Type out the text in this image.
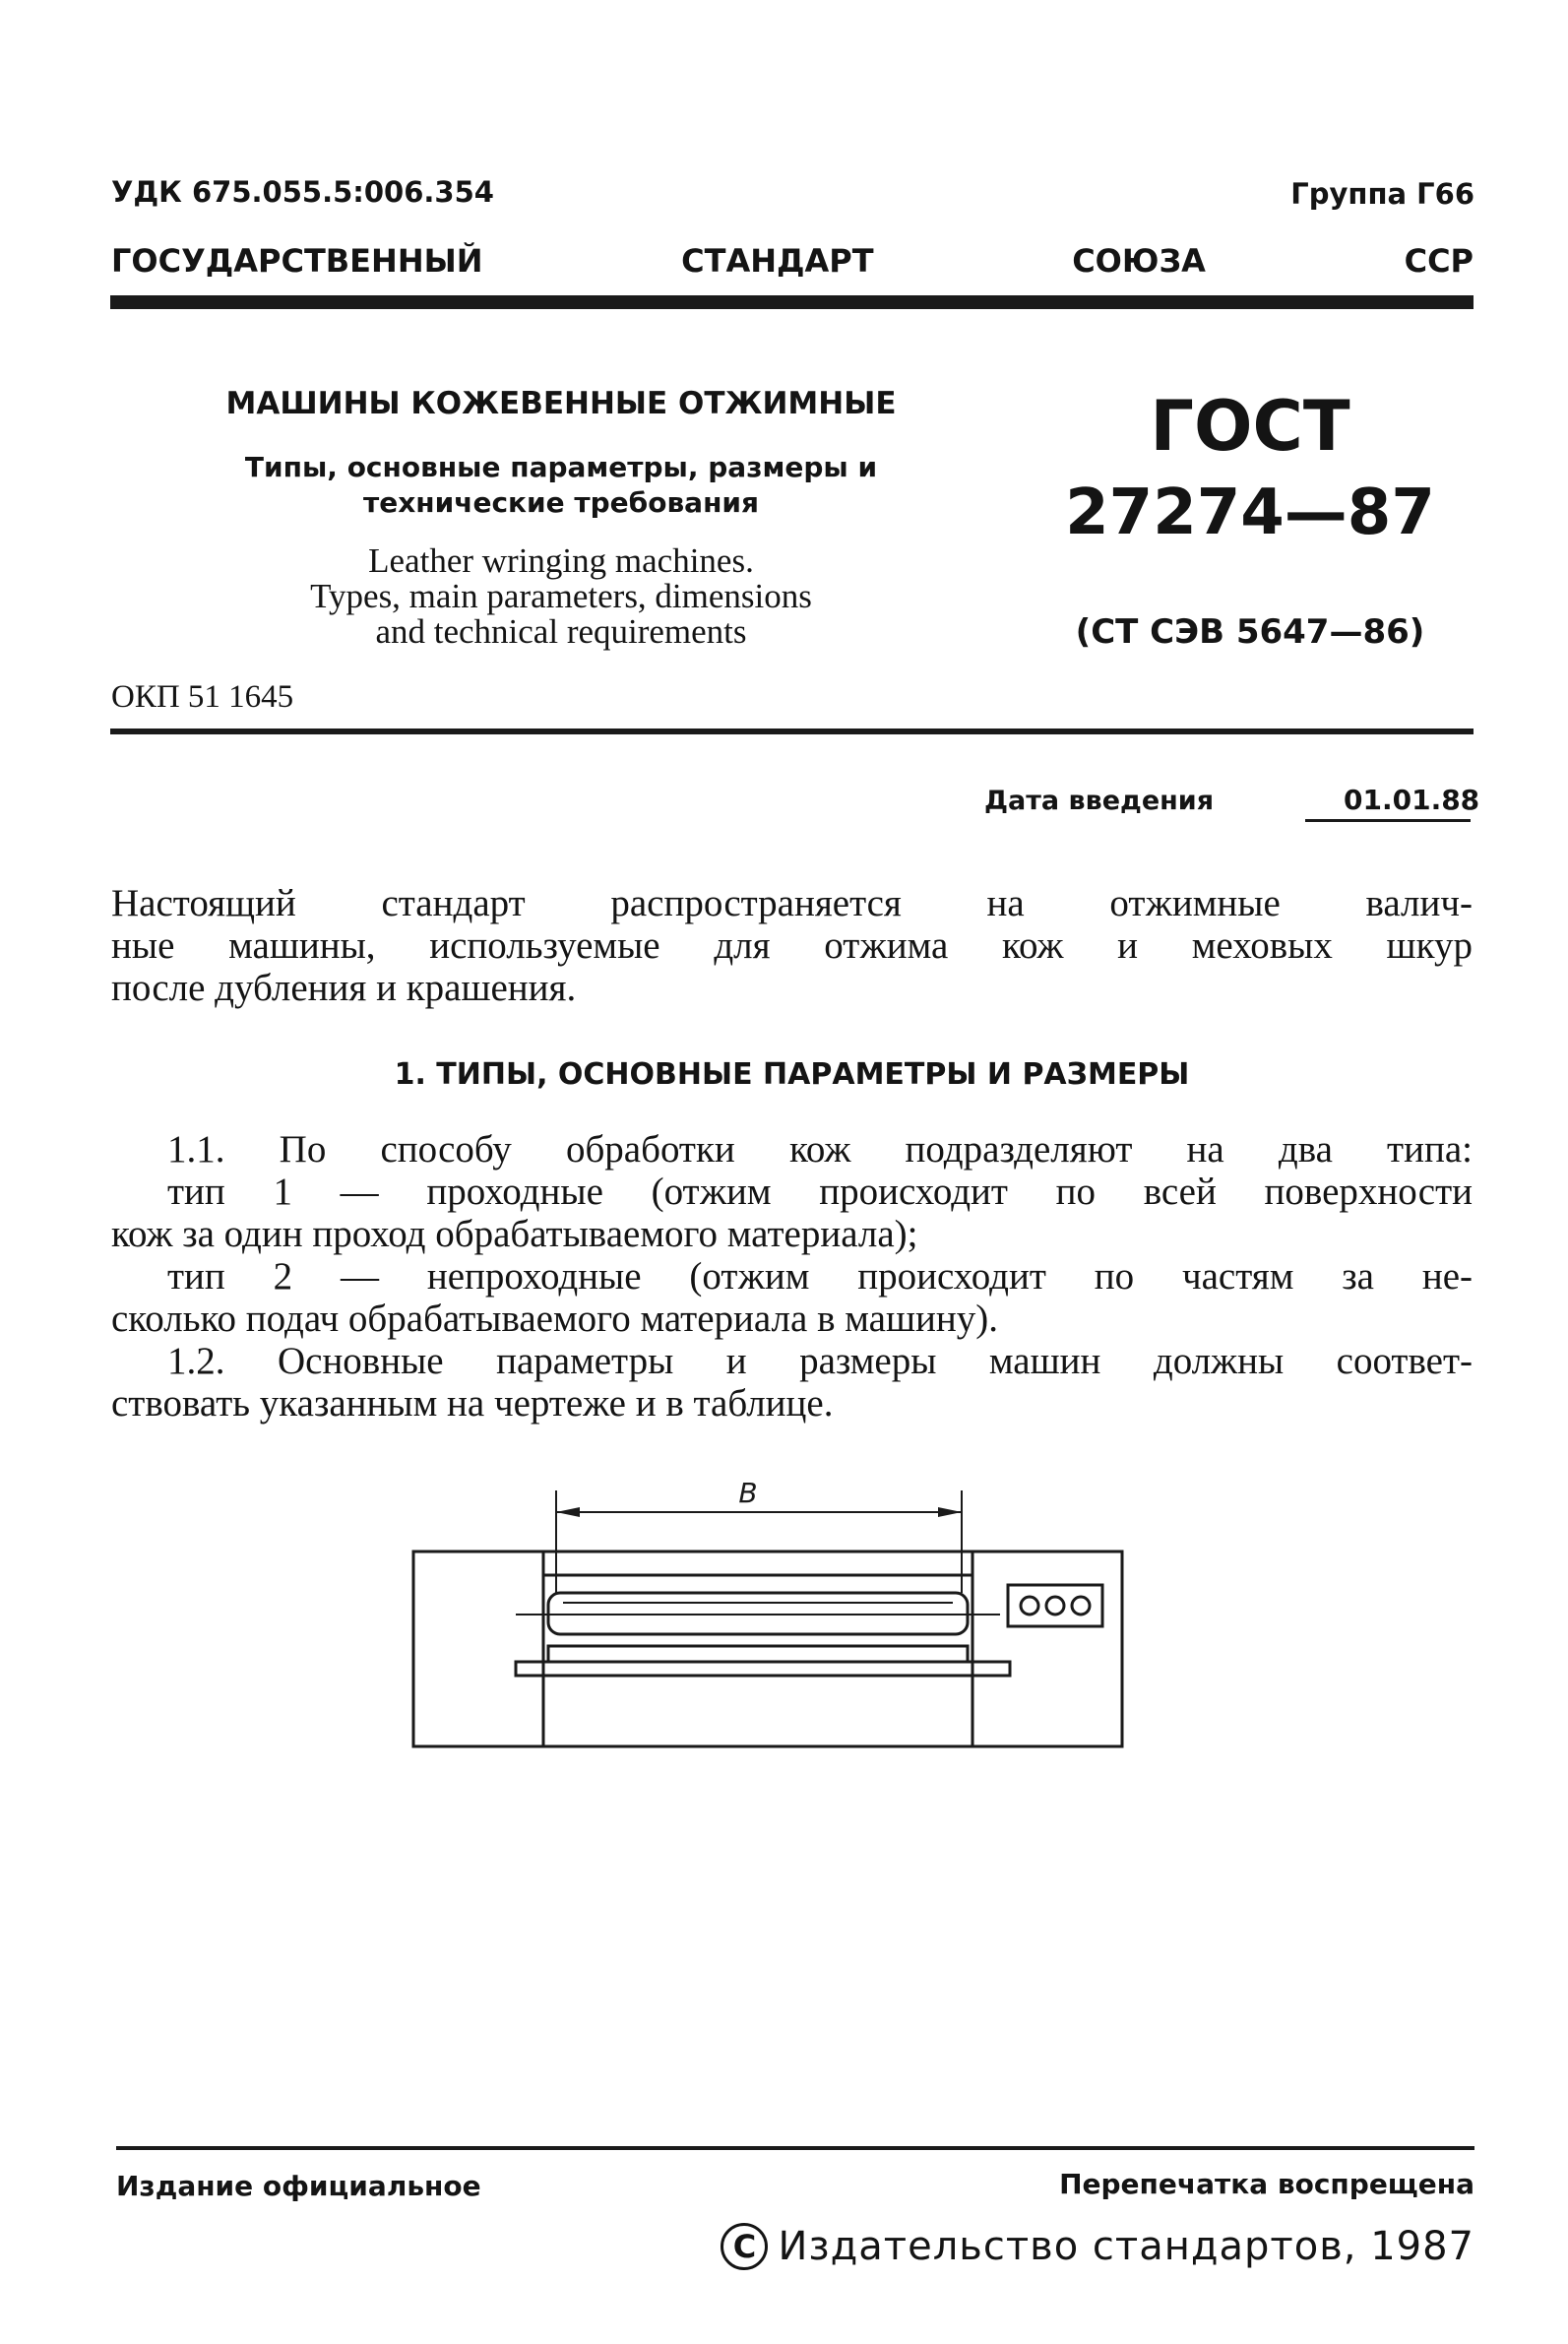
УДК 675.055.5:006.354	Группа Г66
ГОСУДАРСТВЕННЫЙ СТАНДАРТ СОЮЗА ССР
МАШИНЫ КОЖЕВЕННЫЕ ОТЖИМНЫЕ
Типы, основные параметры, размеры и
технические требования
Leather wringing machines.
Types, main parameters, dimensions
and technical requirements
ГОСТ
27274—87
(СТ СЭВ 5647—86)
ОКП 51 1645
Дата введения	01.01.88
Настоящий стандарт распространяется на отжимные валич-
ные машины, используемые для отжима кож и меховых шкур
после дубления и крашения.
1. ТИПЫ, ОСНОВНЫЕ ПАРАМЕТРЫ И РАЗМЕРЫ
1.1. По способу обработки кож подразделяют на два типа:
тип 1 — проходные (отжим происходит по всей поверхности
кож за один проход обрабатываемого материала);
тип 2 — непроходные (отжим происходит по частям за не-
сколько подач обрабатываемого материала в машину).
1.2. Основные параметры и размеры машин должны соответ-
ствовать указанным на чертеже и в таблице.
B
Издание официальное	Перепечатка воспрещена
C Издательство стандартов, 1987
